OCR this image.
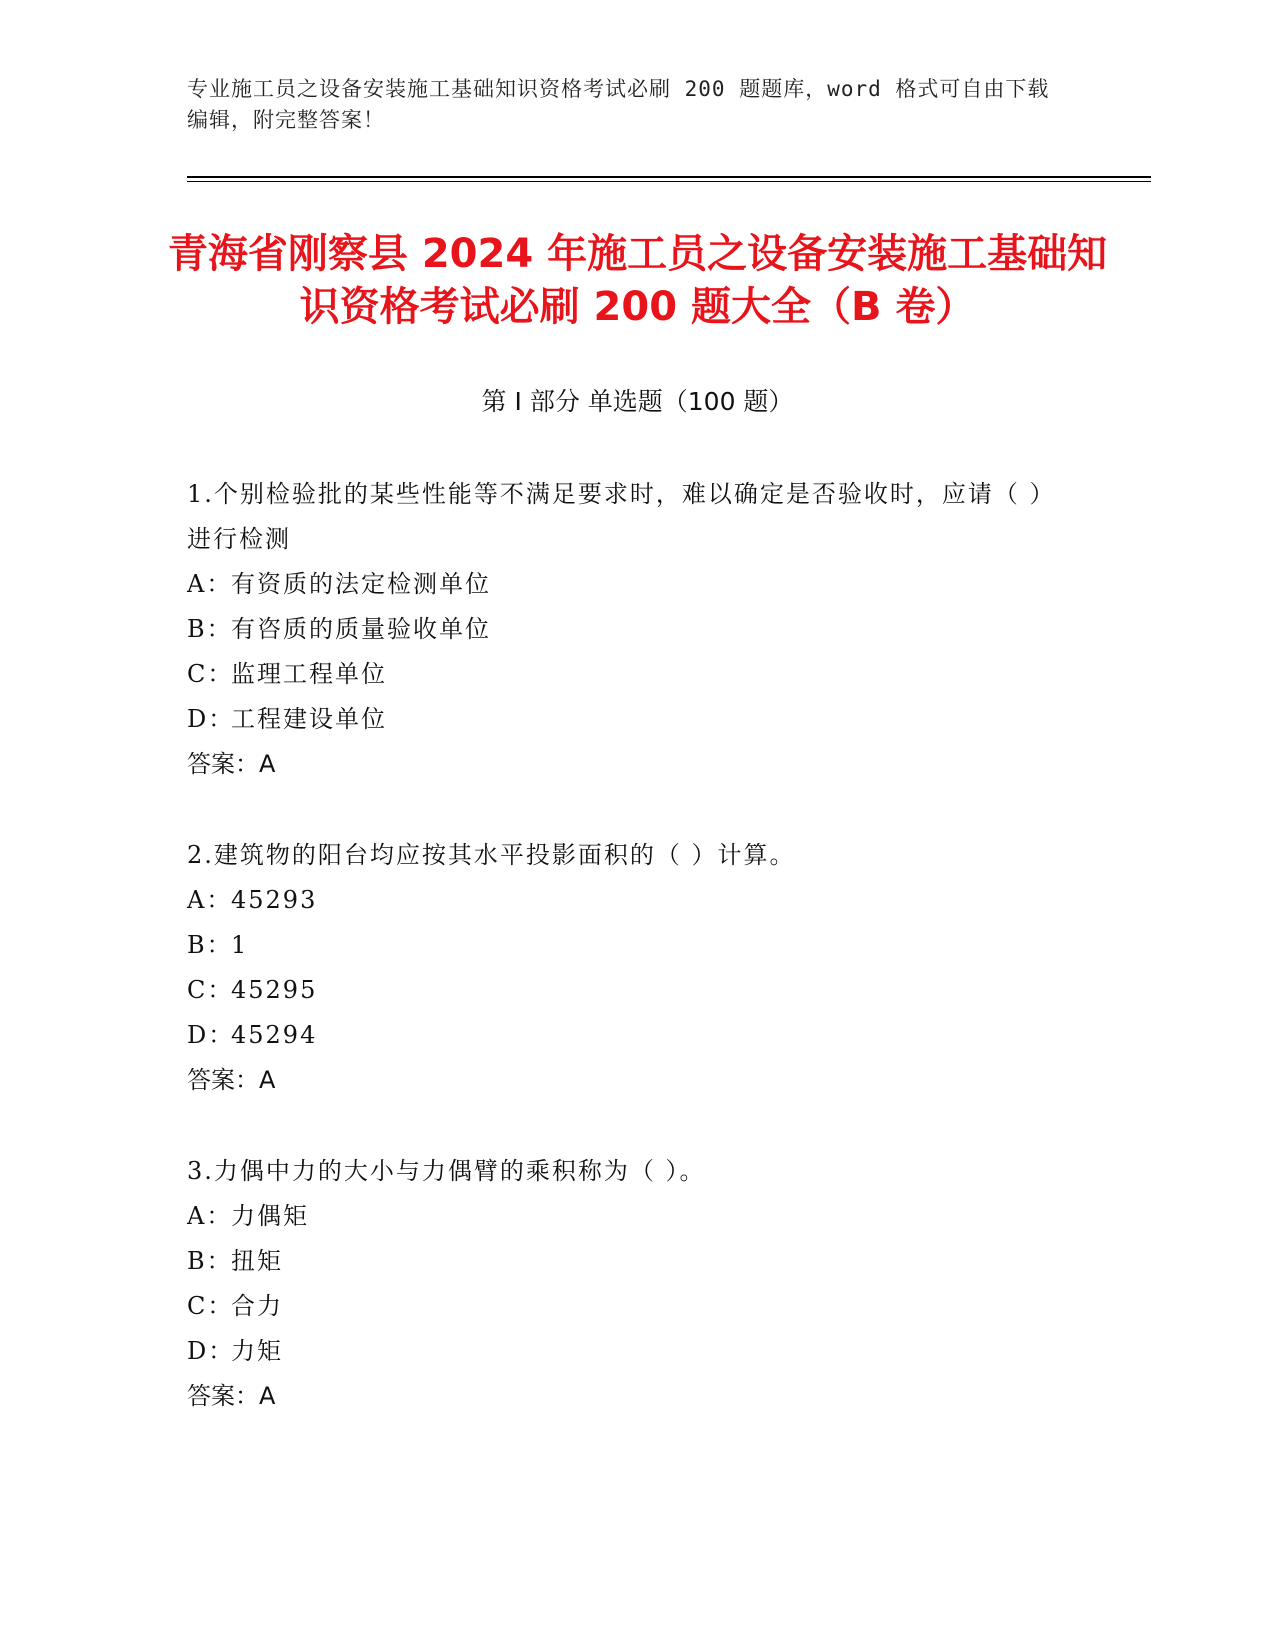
专业施工员之设备安装施工基础知识资格考试必刷 200 题题库，word 格式可自由下载编辑，附完整答案！
青海省刚察县 2024 年施工员之设备安装施工基础知识资格考试必刷 200 题大全（B 卷）
第 I 部分 单选题（100 题）
1.个别检验批的某些性能等不满足要求时，难以确定是否验收时，应请（ ）进行检测
A：有资质的法定检测单位
B：有咨质的质量验收单位
C：监理工程单位
D：工程建设单位
答案：A
2.建筑物的阳台均应按其水平投影面积的（ ）计算。
A：45293
B：1
C：45295
D：45294
答案：A
3.力偶中力的大小与力偶臂的乘积称为（ ）。
A：力偶矩
B：扭矩
C：合力
D：力矩
答案：A
